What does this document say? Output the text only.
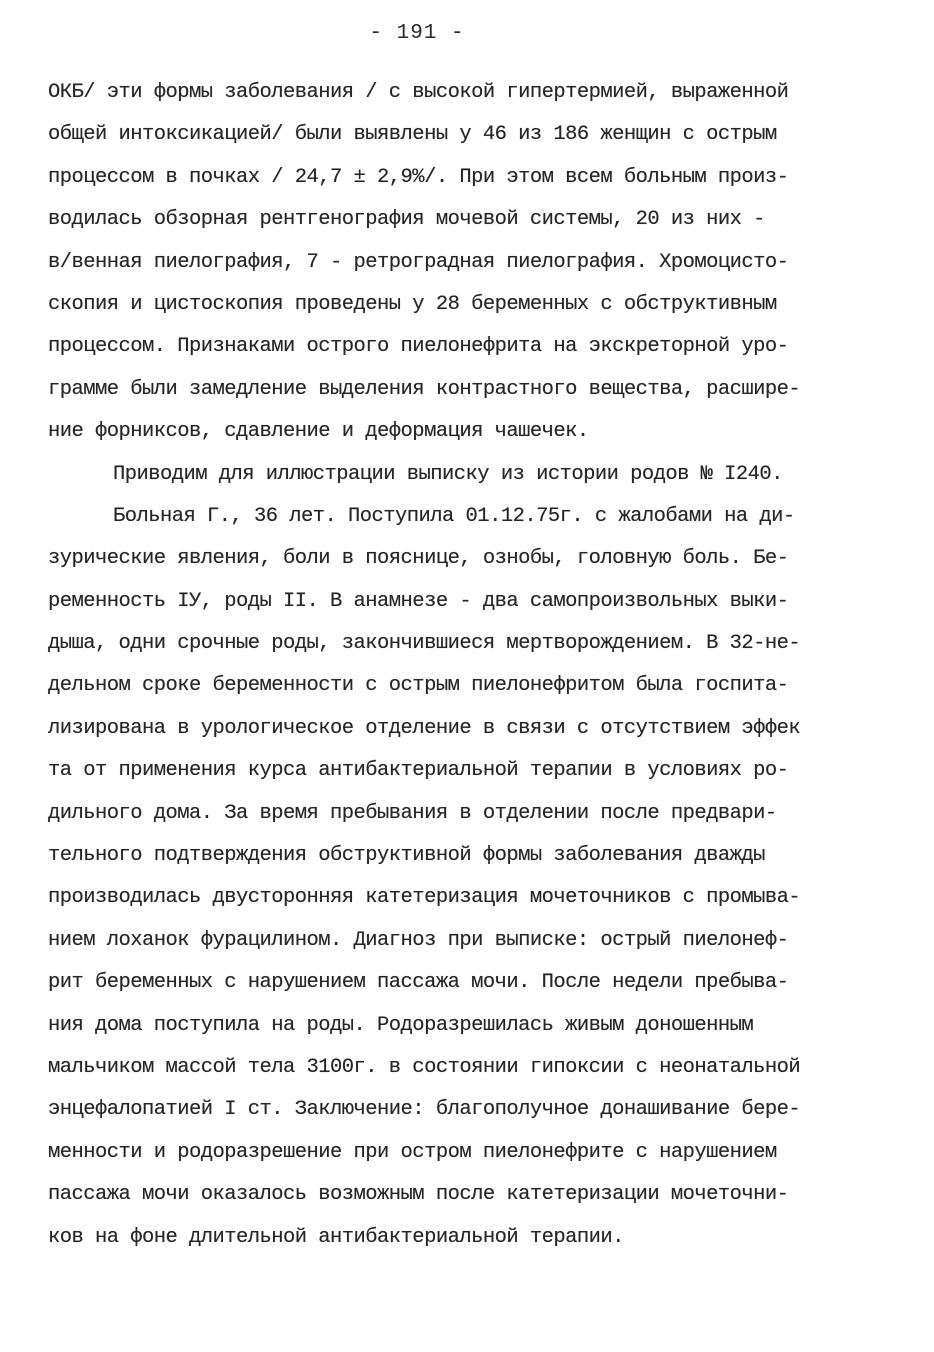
- 191 -
ОКБ/ эти формы заболевания / с высокой гипертермией, выраженной
общей интоксикацией/ были выявлены у 46 из 186 женщин с острым
процессом в почках / 24,7 ± 2,9%/. При этом всем больным произ-
водилась обзорная рентгенография мочевой системы, 20 из них -
в/венная пиелография, 7 - ретроградная пиелография. Хромоцисто-
скопия и цистоскопия проведены у 28 беременных с обструктивным
процессом. Признаками острого пиелонефрита на экскреторной уро-
грамме были замедление выделения контрастного вещества, расшире-
ние форниксов, сдавление и деформация чашечек.
Приводим для иллюстрации выписку из истории родов № I240.
Больная Г., 36 лет. Поступила 01.12.75г. с жалобами на ди-
зурические явления, боли в пояснице, ознобы, головную боль. Бе-
ременность IУ, роды II. В анамнезе - два самопроизвольных выки-
дыша, одни срочные роды, закончившиеся мертворождением. В 32-не-
дельном сроке беременности с острым пиелонефритом была госпита-
лизирована в урологическое отделение в связи с отсутствием эффек
та от применения курса антибактериальной терапии в условиях ро-
дильного дома. За время пребывания в отделении после предвари-
тельного подтверждения обструктивной формы заболевания дважды
производилась двусторонняя катетеризация мочеточников с промыва-
нием лоханок фурацилином. Диагноз при выписке: острый пиелонеф-
рит беременных с нарушением пассажа мочи. После недели пребыва-
ния дома поступила на роды. Родоразрешилась живым доношенным
мальчиком массой тела 3100г. в состоянии гипоксии с неонатальной
энцефалопатией I ст. Заключение: благополучное донашивание бере-
менности и родоразрешение при остром пиелонефрите с нарушением
пассажа мочи оказалось возможным после катетеризации мочеточни-
ков на фоне длительной антибактериальной терапии.
